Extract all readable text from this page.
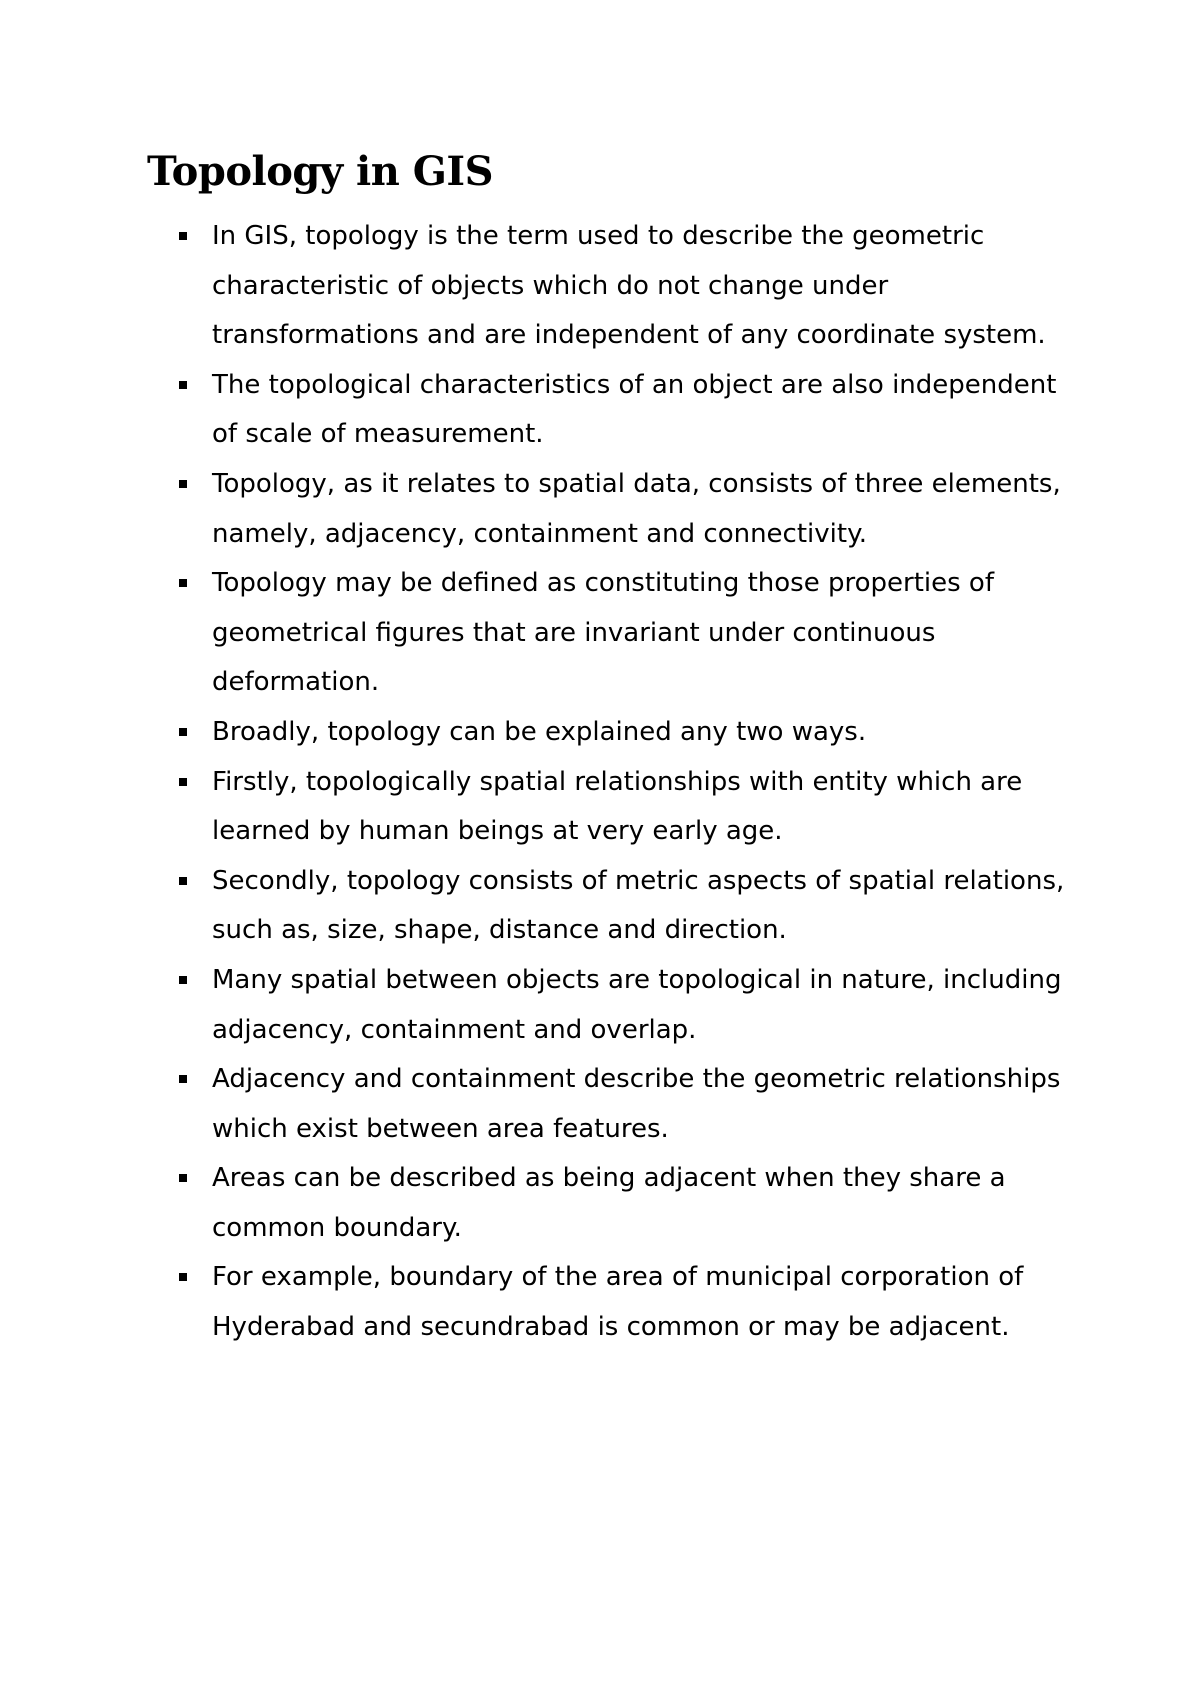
Topology in GIS
In GIS, topology is the term used to describe the geometric characteristic of objects which do not change under transformations and are independent of any coordinate system.
The topological characteristics of an object are also independent of scale of measurement.
Topology, as it relates to spatial data, consists of three elements, namely, adjacency, containment and connectivity.
Topology may be defined as constituting those properties of geometrical figures that are invariant under continuous deformation.
Broadly, topology can be explained any two ways.
Firstly, topologically spatial relationships with entity which are learned by human beings at very early age.
Secondly, topology consists of metric aspects of spatial relations, such as, size, shape, distance and direction.
Many spatial between objects are topological in nature, including adjacency, containment and overlap.
Adjacency and containment describe the geometric relationships which exist between area features.
Areas can be described as being adjacent when they share a common boundary.
For example, boundary of the area of municipal corporation of Hyderabad and secundrabad is common or may be adjacent.
